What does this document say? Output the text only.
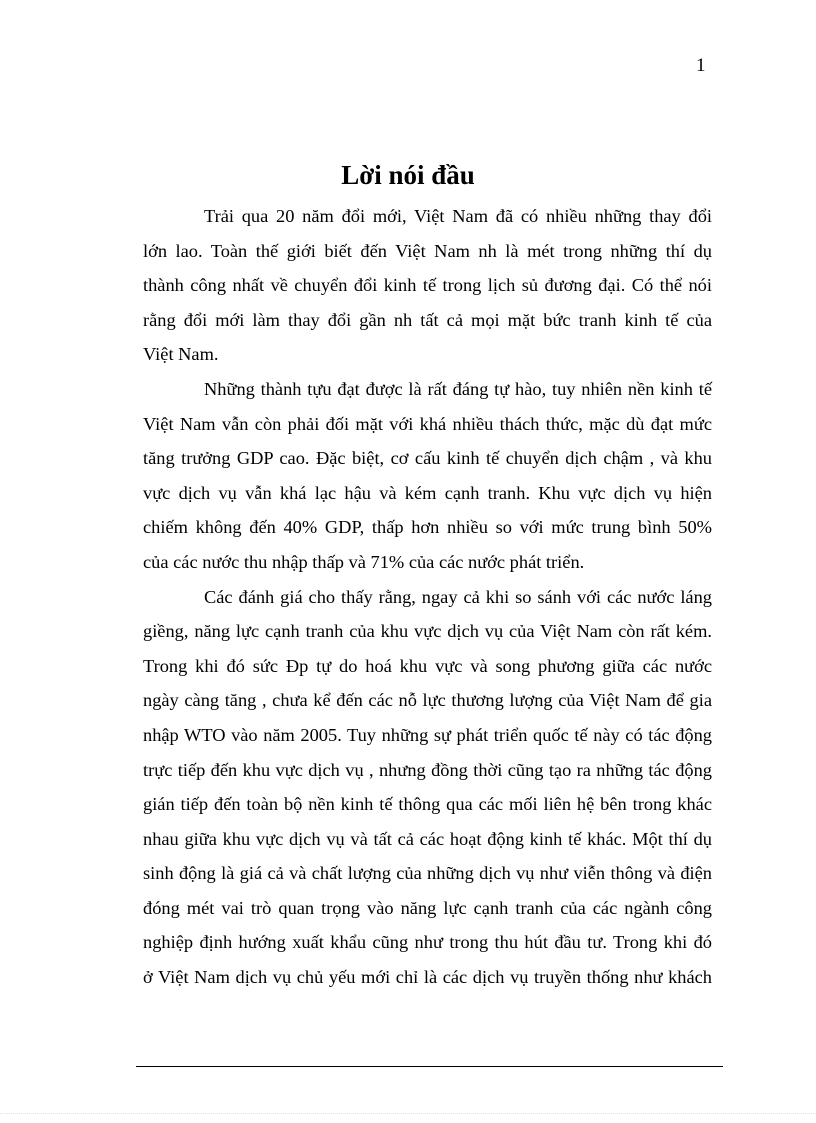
1
Lời nói đầu
Trải qua 20 năm đổi mới, Việt Nam đã có nhiều những thay đổi
lớn lao. Toàn thế giới biết đến Việt Nam nh là mét trong những thí dụ
thành công nhất về chuyển đổi kinh tế trong lịch sủ đương đại. Có thể nói
rằng đổi mới làm thay đổi gần nh tất cả mọi mặt bức tranh kinh tế của
Việt Nam.
Những thành tựu đạt được là rất đáng tự hào, tuy nhiên nền kinh tế
Việt Nam vẫn còn phải đối mặt với khá nhiều thách thức, mặc dù đạt mức
tăng trưởng GDP cao. Đặc biệt, cơ cấu kinh tế chuyển dịch chậm , và khu
vực dịch vụ vẫn khá lạc hậu và kém cạnh tranh. Khu vực dịch vụ hiện
chiếm không đến 40% GDP, thấp hơn nhiều so với mức trung bình 50%
của các nước thu nhập thấp và 71% của các nước phát triển.
Các đánh giá cho thấy rằng, ngay cả khi so sánh với các nước láng
giềng, năng lực cạnh tranh của khu vực dịch vụ của Việt Nam còn rất kém.
Trong khi đó sức Đp tự do hoá khu vực và song phương giữa các nước
ngày càng tăng , chưa kể đến các nỗ lực thương lượng của Việt Nam để gia
nhập WTO vào năm 2005. Tuy những sự phát triển quốc tế này có tác động
trực tiếp đến khu vực dịch vụ , nhưng đồng thời cũng tạo ra những tác động
gián tiếp đến toàn bộ nền kinh tế thông qua các mối liên hệ bên trong khác
nhau giữa khu vực dịch vụ và tất cả các hoạt động kinh tế khác. Một thí dụ
sinh động là giá cả và chất lượng của những dịch vụ như viễn thông và điện
đóng mét vai trò quan trọng vào năng lực cạnh tranh của các ngành công
nghiệp định hướng xuất khẩu cũng như trong thu hút đầu tư. Trong khi đó
ở Việt Nam dịch vụ chủ yếu mới chỉ là các dịch vụ truyền thống như khách
